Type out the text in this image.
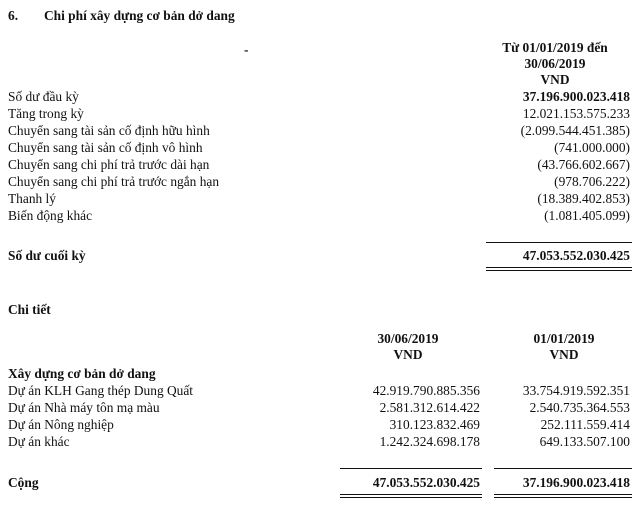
6. Chi phí xây dựng cơ bản dở dang
-	Từ 01/01/2019 đến
30/06/2019
VND
Số dư đầu kỳ	37.196.900.023.418
Tăng trong kỳ	12.021.153.575.233
Chuyển sang tài sản cố định hữu hình	(2.099.544.451.385)
Chuyển sang tài sản cố định vô hình	(741.000.000)
Chuyển sang chi phí trả trước dài hạn	(43.766.602.667)
Chuyển sang chi phí trả trước ngắn hạn	(978.706.222)
Thanh lý	(18.389.402.853)
Biến động khác	(1.081.405.099)
Số dư cuối kỳ	47.053.552.030.425
Chi tiết
30/06/2019
VND
01/01/2019
VND
Xây dựng cơ bản dở dang
Dự án KLH Gang thép Dung Quất	42.919.790.885.356	33.754.919.592.351
Dự án Nhà máy tôn mạ màu	2.581.312.614.422	2.540.735.364.553
Dự án Nông nghiệp	310.123.832.469	252.111.559.414
Dự án khác	1.242.324.698.178	649.133.507.100
Cộng	47.053.552.030.425	37.196.900.023.418
